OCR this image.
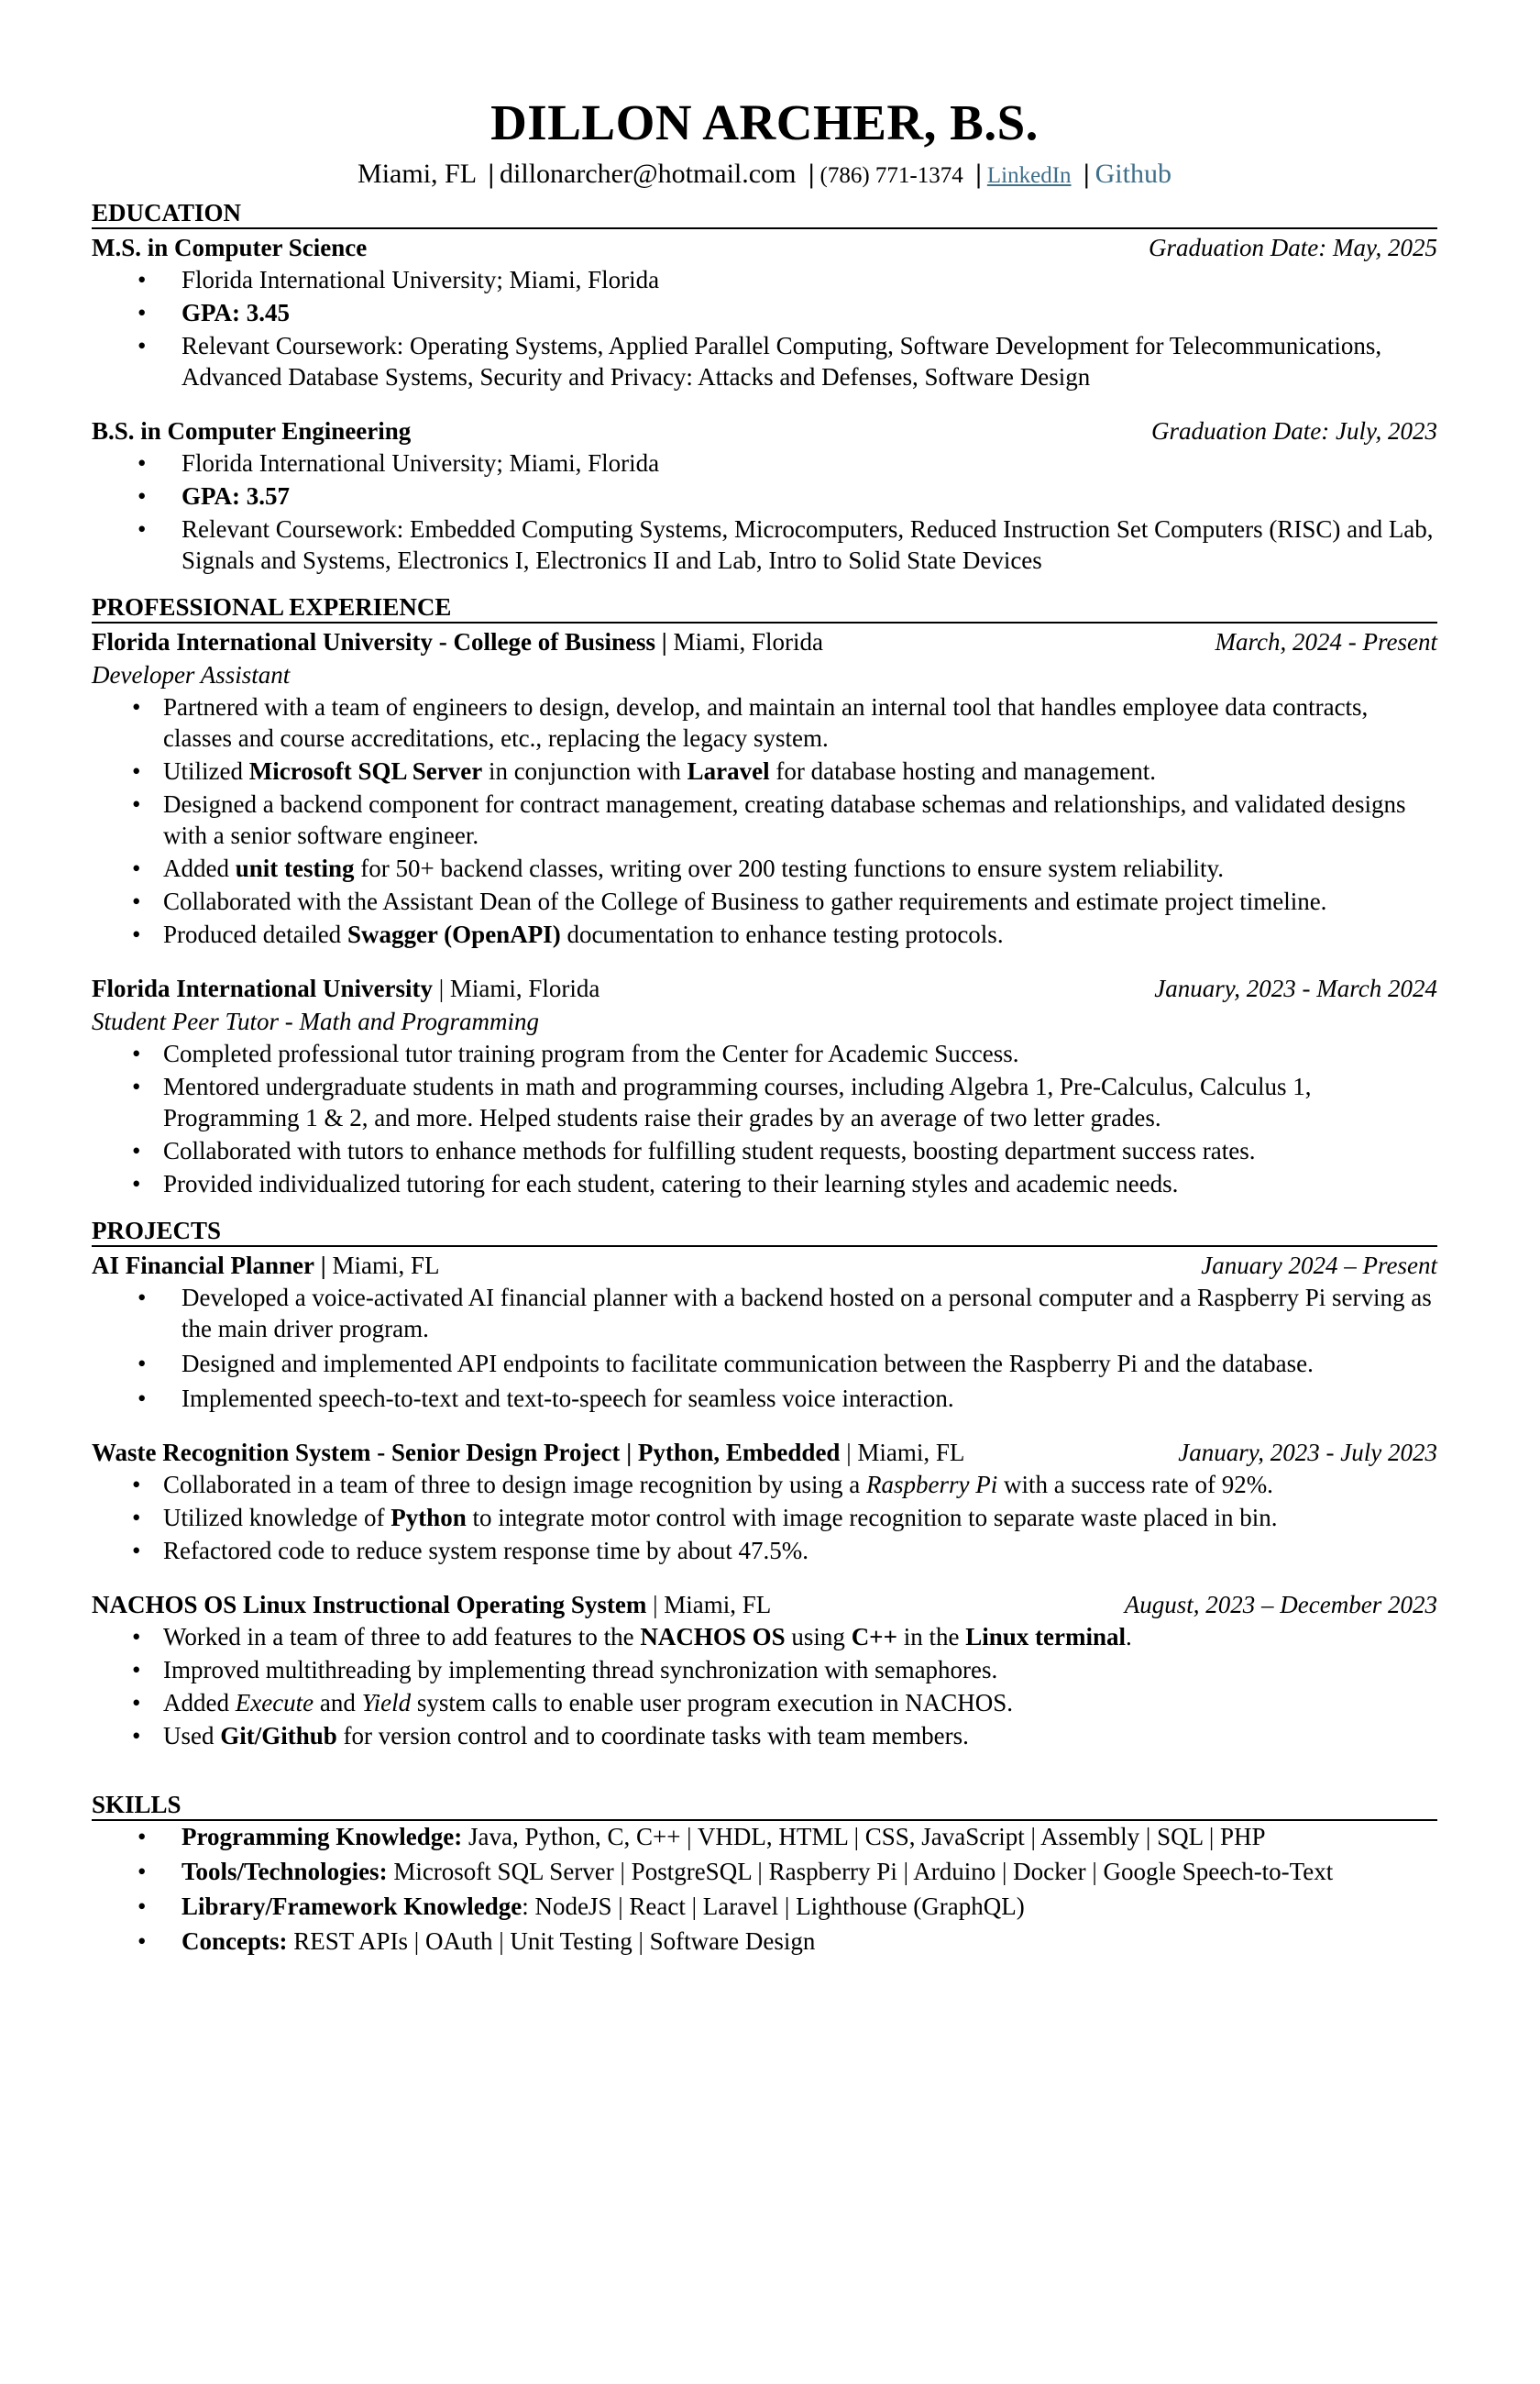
DILLON ARCHER, B.S.
Miami, FL | dillonarcher@hotmail.com | (786) 771-1374 | LinkedIn | Github
EDUCATION
M.S. in Computer Science	Graduation Date: May, 2025
• Florida International University; Miami, Florida
• GPA: 3.45
• Relevant Coursework: Operating Systems, Applied Parallel Computing, Software Development for Telecommunications, Advanced Database Systems, Security and Privacy: Attacks and Defenses, Software Design
B.S. in Computer Engineering	Graduation Date: July, 2023
• Florida International University; Miami, Florida
• GPA: 3.57
• Relevant Coursework: Embedded Computing Systems, Microcomputers, Reduced Instruction Set Computers (RISC) and Lab, Signals and Systems, Electronics I, Electronics II and Lab, Intro to Solid State Devices
PROFESSIONAL EXPERIENCE
Florida International University - College of Business | Miami, Florida	March, 2024 - Present
Developer Assistant
• Partnered with a team of engineers to design, develop, and maintain an internal tool that handles employee data contracts, classes and course accreditations, etc., replacing the legacy system.
• Utilized Microsoft SQL Server in conjunction with Laravel for database hosting and management.
• Designed a backend component for contract management, creating database schemas and relationships, and validated designs with a senior software engineer.
• Added unit testing for 50+ backend classes, writing over 200 testing functions to ensure system reliability.
• Collaborated with the Assistant Dean of the College of Business to gather requirements and estimate project timeline.
• Produced detailed Swagger (OpenAPI) documentation to enhance testing protocols.
Florida International University | Miami, Florida	January, 2023 - March 2024
Student Peer Tutor - Math and Programming
• Completed professional tutor training program from the Center for Academic Success.
• Mentored undergraduate students in math and programming courses, including Algebra 1, Pre-Calculus, Calculus 1, Programming 1 & 2, and more. Helped students raise their grades by an average of two letter grades.
• Collaborated with tutors to enhance methods for fulfilling student requests, boosting department success rates.
• Provided individualized tutoring for each student, catering to their learning styles and academic needs.
PROJECTS
AI Financial Planner | Miami, FL	January 2024 – Present
• Developed a voice-activated AI financial planner with a backend hosted on a personal computer and a Raspberry Pi serving as the main driver program.
• Designed and implemented API endpoints to facilitate communication between the Raspberry Pi and the database.
• Implemented speech-to-text and text-to-speech for seamless voice interaction.
Waste Recognition System - Senior Design Project | Python, Embedded | Miami, FL	January, 2023 - July 2023
• Collaborated in a team of three to design image recognition by using a Raspberry Pi with a success rate of 92%.
• Utilized knowledge of Python to integrate motor control with image recognition to separate waste placed in bin.
• Refactored code to reduce system response time by about 47.5%.
NACHOS OS Linux Instructional Operating System | Miami, FL	August, 2023 – December 2023
• Worked in a team of three to add features to the NACHOS OS using C++ in the Linux terminal.
• Improved multithreading by implementing thread synchronization with semaphores.
• Added Execute and Yield system calls to enable user program execution in NACHOS.
• Used Git/Github for version control and to coordinate tasks with team members.
SKILLS
• Programming Knowledge: Java, Python, C, C++ | VHDL, HTML | CSS, JavaScript | Assembly | SQL | PHP
• Tools/Technologies: Microsoft SQL Server | PostgreSQL | Raspberry Pi | Arduino | Docker | Google Speech-to-Text
• Library/Framework Knowledge: NodeJS | React | Laravel | Lighthouse (GraphQL)
• Concepts: REST APIs | OAuth | Unit Testing | Software Design
